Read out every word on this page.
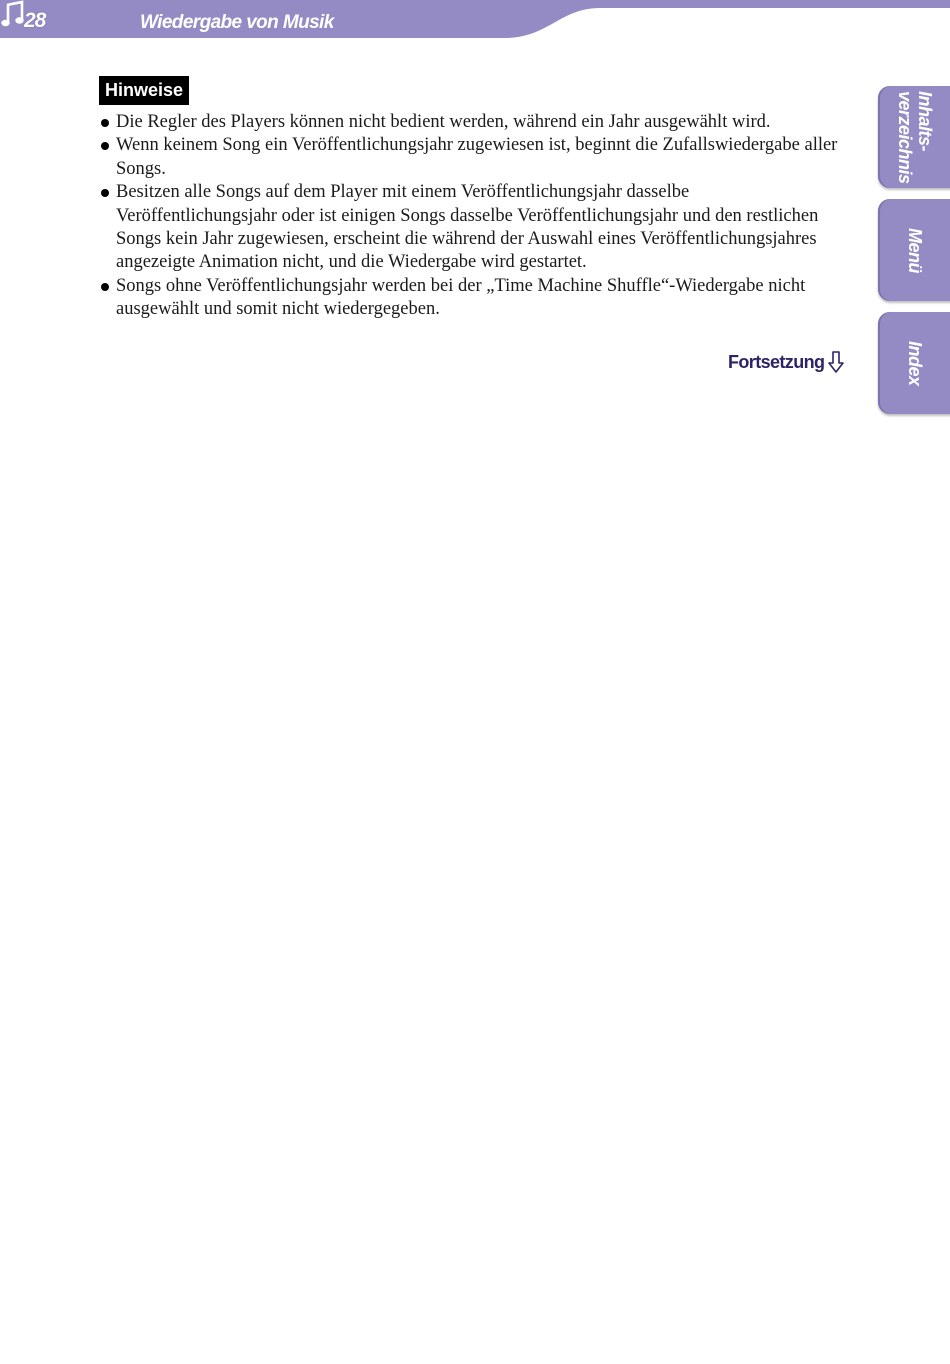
28	Wiedergabe von Musik
Inhalts-
verzeichnis
Menü
Index
Hinweise
Die Regler des Players können nicht bedient werden, während ein Jahr ausgewählt wird.
Wenn keinem Song ein Veröffentlichungsjahr zugewiesen ist, beginnt die Zufallswiedergabe aller Songs.
Besitzen alle Songs auf dem Player mit einem Veröffentlichungsjahr dasselbe Veröffentlichungsjahr oder ist einigen Songs dasselbe Veröffentlichungsjahr und den restlichen Songs kein Jahr zugewiesen, erscheint die während der Auswahl eines Veröffentlichungsjahres angezeigte Animation nicht, und die Wiedergabe wird gestartet.
Songs ohne Veröffentlichungsjahr werden bei der „Time Machine Shuffle“-Wiedergabe nicht ausgewählt und somit nicht wiedergegeben.
Fortsetzung
